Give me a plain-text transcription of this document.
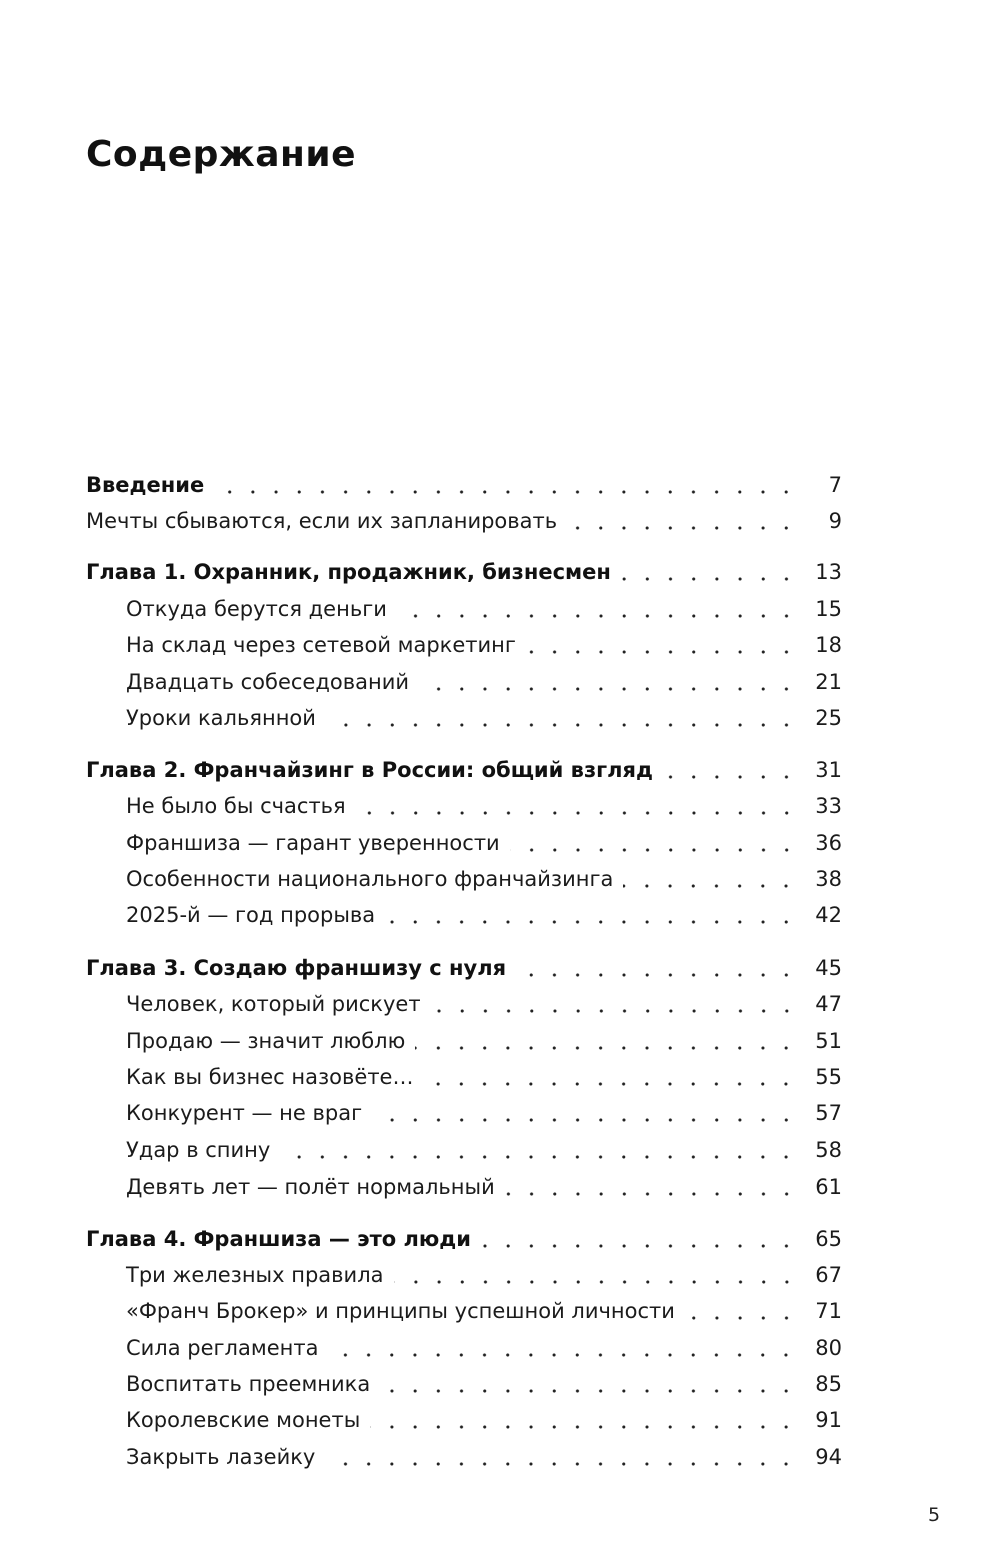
Содержание
Введение	7
Мечты сбываются, если их запланировать	9
Глава 1. Охранник, продажник, бизнесмен	13
Откуда берутся деньги	15
На склад через сетевой маркетинг	18
Двадцать собеседований	21
Уроки кальянной	25
Глава 2. Франчайзинг в России: общий взгляд	31
Не было бы счастья	33
Франшиза — гарант уверенности	36
Особенности национального франчайзинга	38
2025-й — год прорыва	42
Глава 3. Создаю франшизу с нуля	45
Человек, который рискует	47
Продаю — значит люблю	51
Как вы бизнес назовёте…	55
Конкурент — не враг	57
Удар в спину	58
Девять лет — полёт нормальный	61
Глава 4. Франшиза — это люди	65
Три железных правила	67
«Франч Брокер» и принципы успешной личности	71
Сила регламента	80
Воспитать преемника	85
Королевские монеты	91
Закрыть лазейку	94
5
